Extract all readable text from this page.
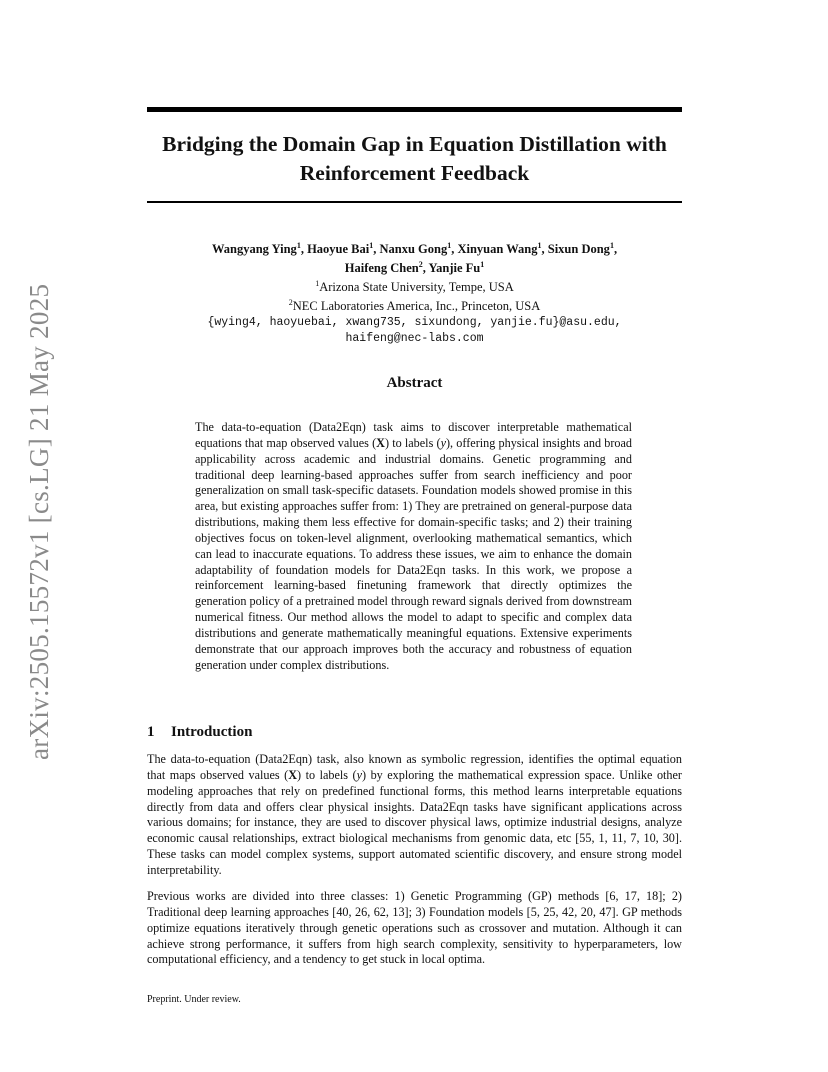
arXiv:2505.15572v1 [cs.LG] 21 May 2025
Bridging the Domain Gap in Equation Distillation with
Reinforcement Feedback
Wangyang Ying$^1$, Haoyue Bai$^1$, Nanxu Gong$^1$, Xinyuan Wang$^1$, Sixun Dong$^1$,
Haifeng Chen$^2$, Yanjie Fu$^1$
$^1$Arizona State University, Tempe, USA
$^2$NEC Laboratories America, Inc., Princeton, USA
{wying4, haoyuebai, xwang735, sixundong, yanjie.fu}@asu.edu,
haifeng@nec-labs.com
Abstract
The data-to-equation (Data2Eqn) task aims to discover interpretable mathematical equations that map observed values (X) to labels (y), offering physical insights and broad applicability across academic and industrial domains. Genetic programming and traditional deep learning-based approaches suffer from search inefficiency and poor generalization on small task-specific datasets. Foundation models showed promise in this area, but existing approaches suffer from: 1) They are pretrained on general-purpose data distributions, making them less effective for domain-specific tasks; and 2) their training objectives focus on token-level alignment, overlooking mathematical semantics, which can lead to inaccurate equations. To address these issues, we aim to enhance the domain adaptability of foundation models for Data2Eqn tasks. In this work, we propose a reinforcement learning-based finetuning framework that directly optimizes the generation policy of a pretrained model through reward signals derived from downstream numerical fitness. Our method allows the model to adapt to specific and complex data distributions and generate mathematically meaningful equations. Extensive experiments demonstrate that our approach improves both the accuracy and robustness of equation generation under complex distributions.
1 Introduction
The data-to-equation (Data2Eqn) task, also known as symbolic regression, identifies the optimal equation that maps observed values (X) to labels (y) by exploring the mathematical expression space. Unlike other modeling approaches that rely on predefined functional forms, this method learns interpretable equations directly from data and offers clear physical insights. Data2Eqn tasks have significant applications across various domains; for instance, they are used to discover physical laws, optimize industrial designs, analyze economic causal relationships, extract biological mechanisms from genomic data, etc [55, 1, 11, 7, 10, 30]. These tasks can model complex systems, support automated scientific discovery, and ensure strong model interpretability.
Previous works are divided into three classes: 1) Genetic Programming (GP) methods [6, 17, 18]; 2) Traditional deep learning approaches [40, 26, 62, 13]; 3) Foundation models [5, 25, 42, 20, 47]. GP methods optimize equations iteratively through genetic operations such as crossover and mutation. Although it can achieve strong performance, it suffers from high search complexity, sensitivity to hyperparameters, low computational efficiency, and a tendency to get stuck in local optima.
Preprint. Under review.
